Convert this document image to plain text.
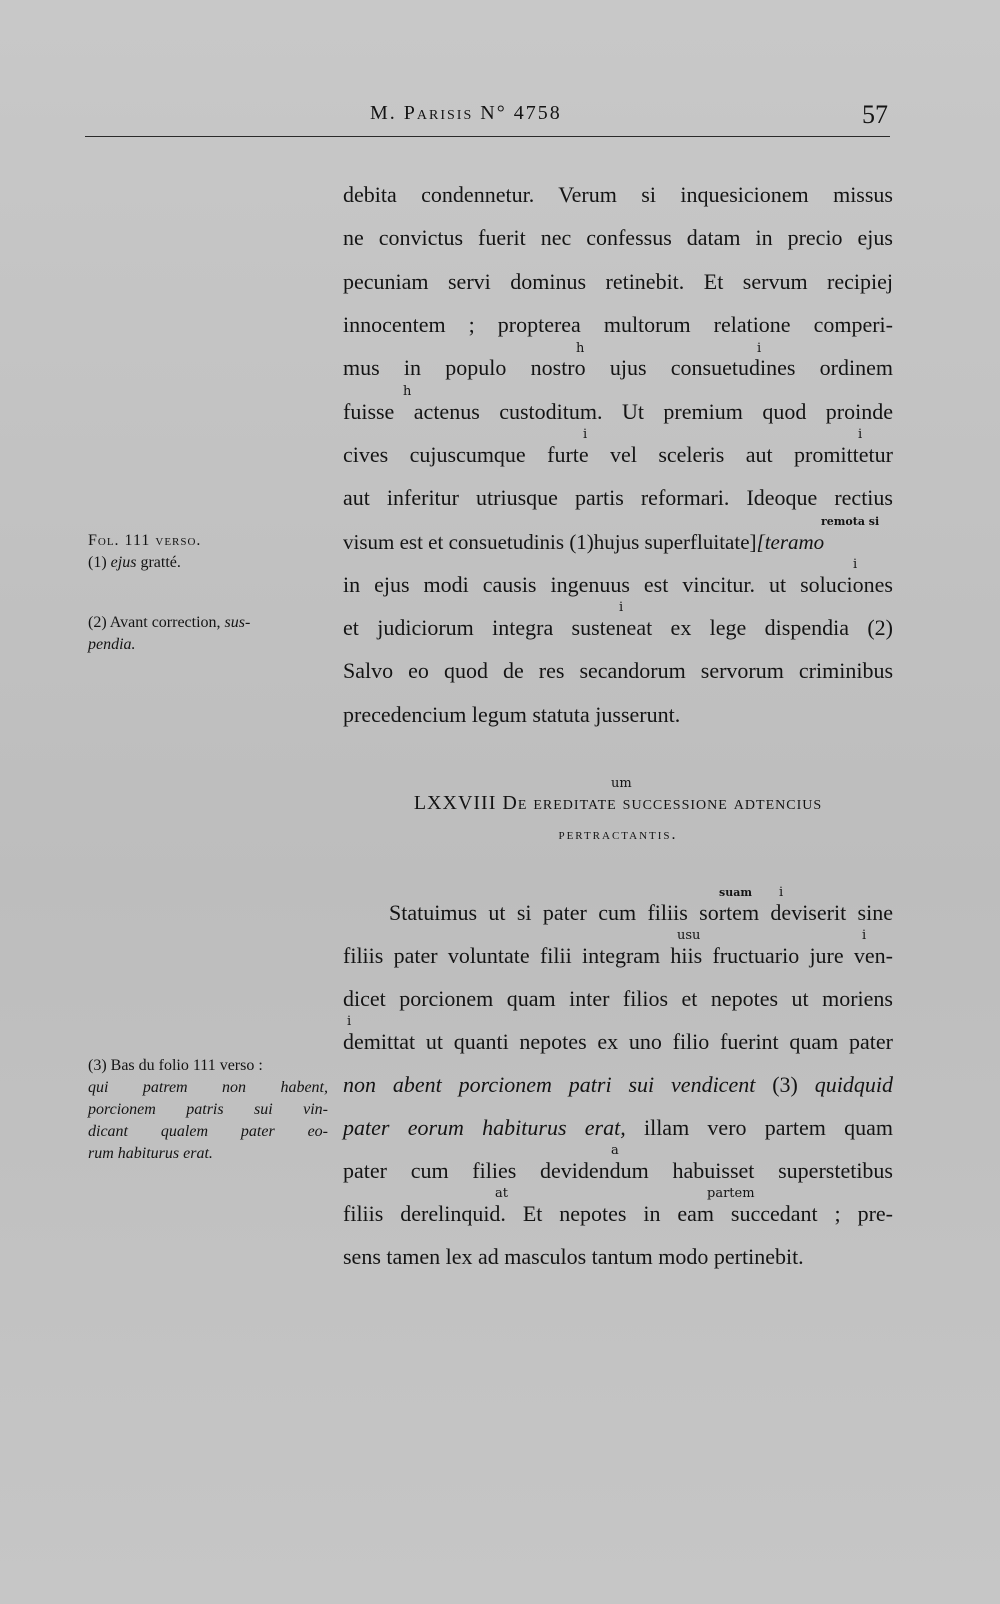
M. Parisis N° 4758	57
Fol. 111 verso.
(1) ejus gratté.
(2) Avant correction, sus-
pendia.
(3) Bas du folio 111 verso :
qui patrem non habent,
porcionem patris sui vin-
dicant qualem pater eo-
rum habiturus erat.
debita condennetur. Verum si inquesicionem missus
ne convictus fuerit nec confessus datam in precio ejus
pecuniam servi dominus retinebit. Et servum recipiej
innocentem ; propterea multorum relatione comperi-
h	i
mus in populo nostro ujus consuetudines ordinem
h
fuisse actenus custoditum. Ut premium quod proinde
i	i
cives cujuscumque furte vel sceleris aut promittetur
aut inferitur utriusque partis reformari. Ideoque rectius
remota si
visum est et consuetudinis (1)hujus superfluitate][teramo
i
in ejus modi causis ingenuus est vincitur. ut soluciones
i
et judiciorum integra susteneat ex lege dispendia (2)
Salvo eo quod de res secandorum servorum criminibus
precedencium legum statuta jusserunt.
um
LXXVIII De ereditate successione adtencius
pertractantis.
suam i
Statuimus ut si pater cum filiis sortem deviserit sine
usu	i
filiis pater voluntate filii integram hiis fructuario jure ven-
dicet porcionem quam inter filios et nepotes ut moriens
i
demittat ut quanti nepotes ex uno filio fuerint quam pater
non abent porcionem patri sui vendicent (3) quidquid
pater eorum habiturus erat, illam vero partem quam
a
pater cum filies devidendum habuisset superstetibus
at	partem
filiis derelinquid. Et nepotes in eam succedant ; pre-
sens tamen lex ad masculos tantum modo pertinebit.
